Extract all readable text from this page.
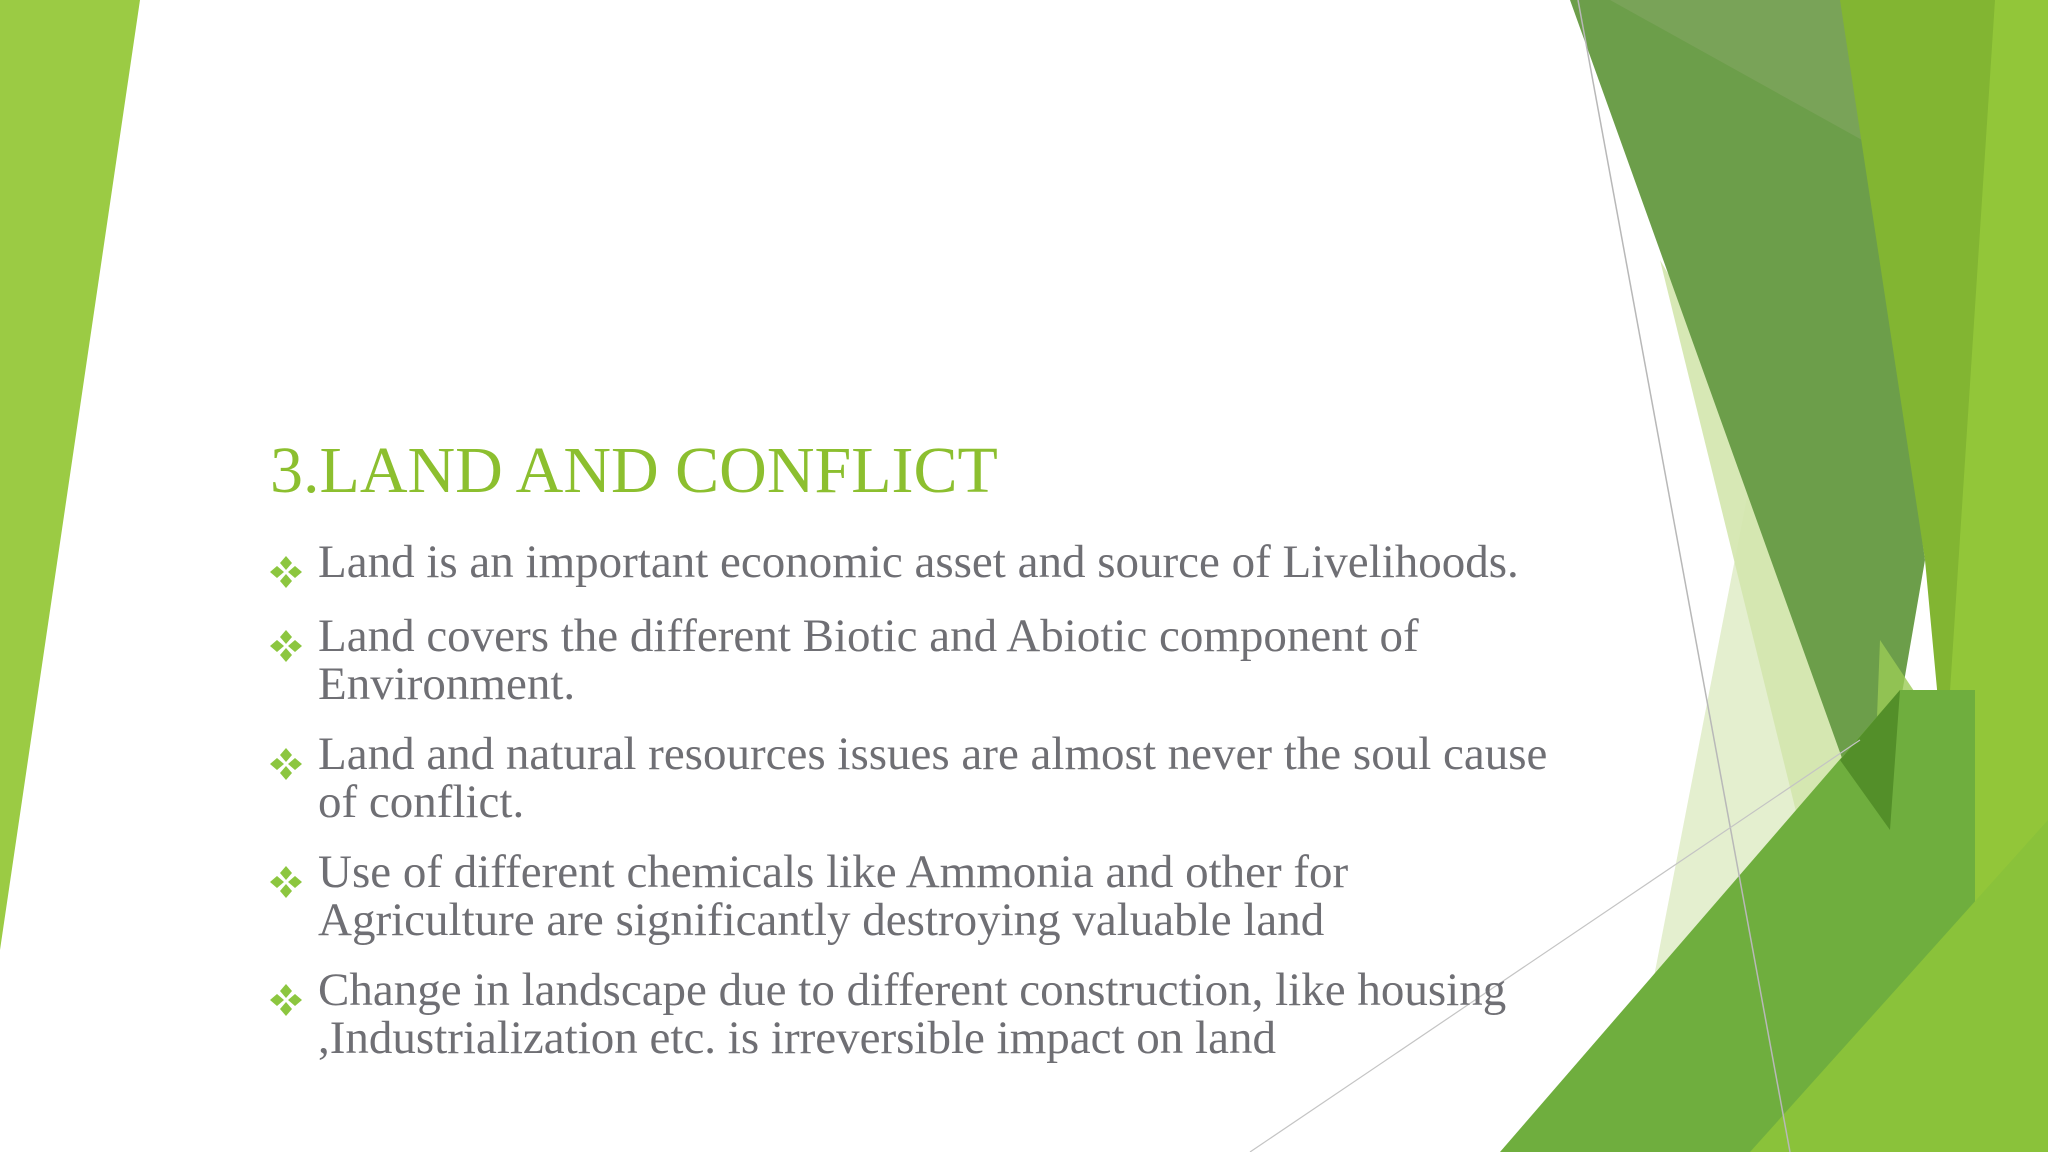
3.LAND AND CONFLICT
Land is an important economic asset and source of Livelihoods.
Land covers the different Biotic and Abiotic component of Environment.
Land and natural resources issues are almost never the soul cause of conflict.
Use of different chemicals like Ammonia and other for Agriculture are significantly destroying valuable land
Change in landscape due to different construction, like housing ,Industrialization etc. is irreversible impact on land
